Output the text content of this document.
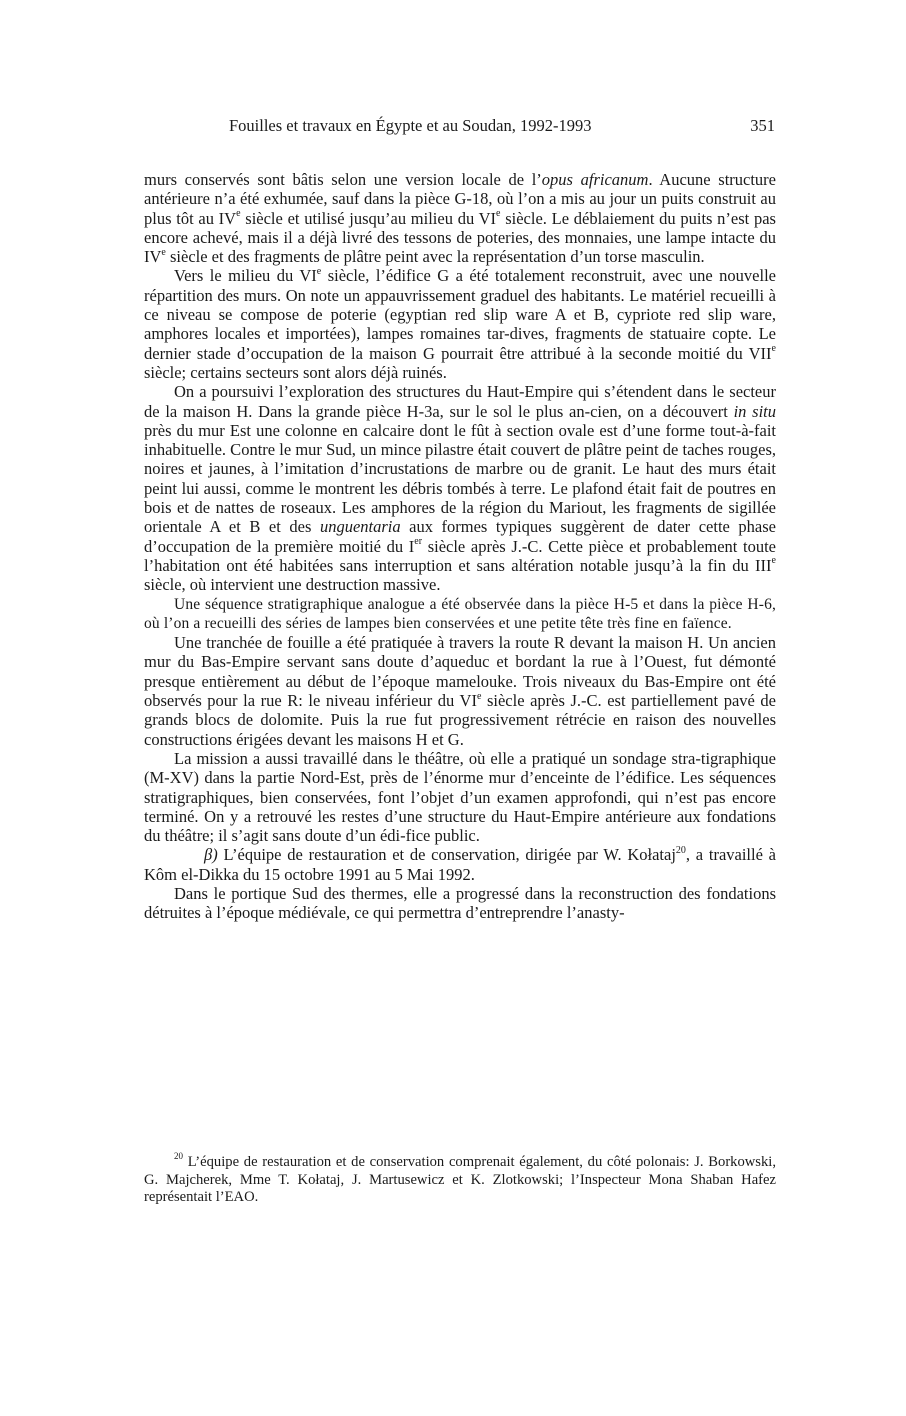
Fouilles et travaux en Égypte et au Soudan, 1992-1993	351

murs conservés sont bâtis selon une version locale de l’opus africanum. Aucune structure antérieure n’a été exhumée, sauf dans la pièce G-18, où l’on a mis au jour un puits construit au plus tôt au IVe siècle et utilisé jusqu’au milieu du VIe siècle. Le déblaiement du puits n’est pas encore achevé, mais il a déjà livré des tessons de poteries, des monnaies, une lampe intacte du IVe siècle et des fragments de plâtre peint avec la représentation d’un torse masculin.

Vers le milieu du VIe siècle, l’édifice G a été totalement reconstruit, avec une nouvelle répartition des murs. On note un appauvrissement graduel des habitants. Le matériel recueilli à ce niveau se compose de poterie (egyptian red slip ware A et B, cypriote red slip ware, amphores locales et importées), lampes romaines tar-dives, fragments de statuaire copte. Le dernier stade d’occupation de la maison G pourrait être attribué à la seconde moitié du VIIe siècle; certains secteurs sont alors déjà ruinés.

On a poursuivi l’exploration des structures du Haut-Empire qui s’étendent dans le secteur de la maison H. Dans la grande pièce H-3a, sur le sol le plus an-cien, on a découvert in situ près du mur Est une colonne en calcaire dont le fût à section ovale est d’une forme tout-à-fait inhabituelle. Contre le mur Sud, un mince pilastre était couvert de plâtre peint de taches rouges, noires et jaunes, à l’imitation d’incrustations de marbre ou de granit. Le haut des murs était peint lui aussi, comme le montrent les débris tombés à terre. Le plafond était fait de poutres en bois et de nattes de roseaux. Les amphores de la région du Mariout, les fragments de sigillée orientale A et B et des unguentaria aux formes typiques suggèrent de dater cette phase d’occupation de la première moitié du Ier siècle après J.-C. Cette pièce et probablement toute l’habitation ont été habitées sans interruption et sans altération notable jusqu’à la fin du IIIe siècle, où intervient une destruction massive.

Une séquence stratigraphique analogue a été observée dans la pièce H-5 et dans la pièce H-6, où l’on a recueilli des séries de lampes bien conservées et une petite tête très fine en faïence.

Une tranchée de fouille a été pratiquée à travers la route R devant la maison H. Un ancien mur du Bas-Empire servant sans doute d’aqueduc et bordant la rue à l’Ouest, fut démonté presque entièrement au début de l’époque mamelouke. Trois niveaux du Bas-Empire ont été observés pour la rue R: le niveau inférieur du VIe siècle après J.-C. est partiellement pavé de grands blocs de dolomite. Puis la rue fut progressivement rétrécie en raison des nouvelles constructions érigées devant les maisons H et G.

La mission a aussi travaillé dans le théâtre, où elle a pratiqué un sondage stra-tigraphique (M-XV) dans la partie Nord-Est, près de l’énorme mur d’enceinte de l’édifice. Les séquences stratigraphiques, bien conservées, font l’objet d’un examen approfondi, qui n’est pas encore terminé. On y a retrouvé les restes d’une structure du Haut-Empire antérieure aux fondations du théâtre; il s’agit sans doute d’un édi-fice public.

β) L’équipe de restauration et de conservation, dirigée par W. Kołataj$^{20}$, a travaillé à Kôm el-Dikka du 15 octobre 1991 au 5 Mai 1992.

Dans le portique Sud des thermes, elle a progressé dans la reconstruction des fondations détruites à l’époque médiévale, ce qui permettra d’entreprendre l’anasty-

$^{20}$ L’équipe de restauration et de conservation comprenait également, du côté polonais: J. Borkowski, G. Majcherek, Mme T. Kołataj, J. Martusewicz et K. Zlotkowski; l’Inspecteur Mona Shaban Hafez représentait l’EAO.
